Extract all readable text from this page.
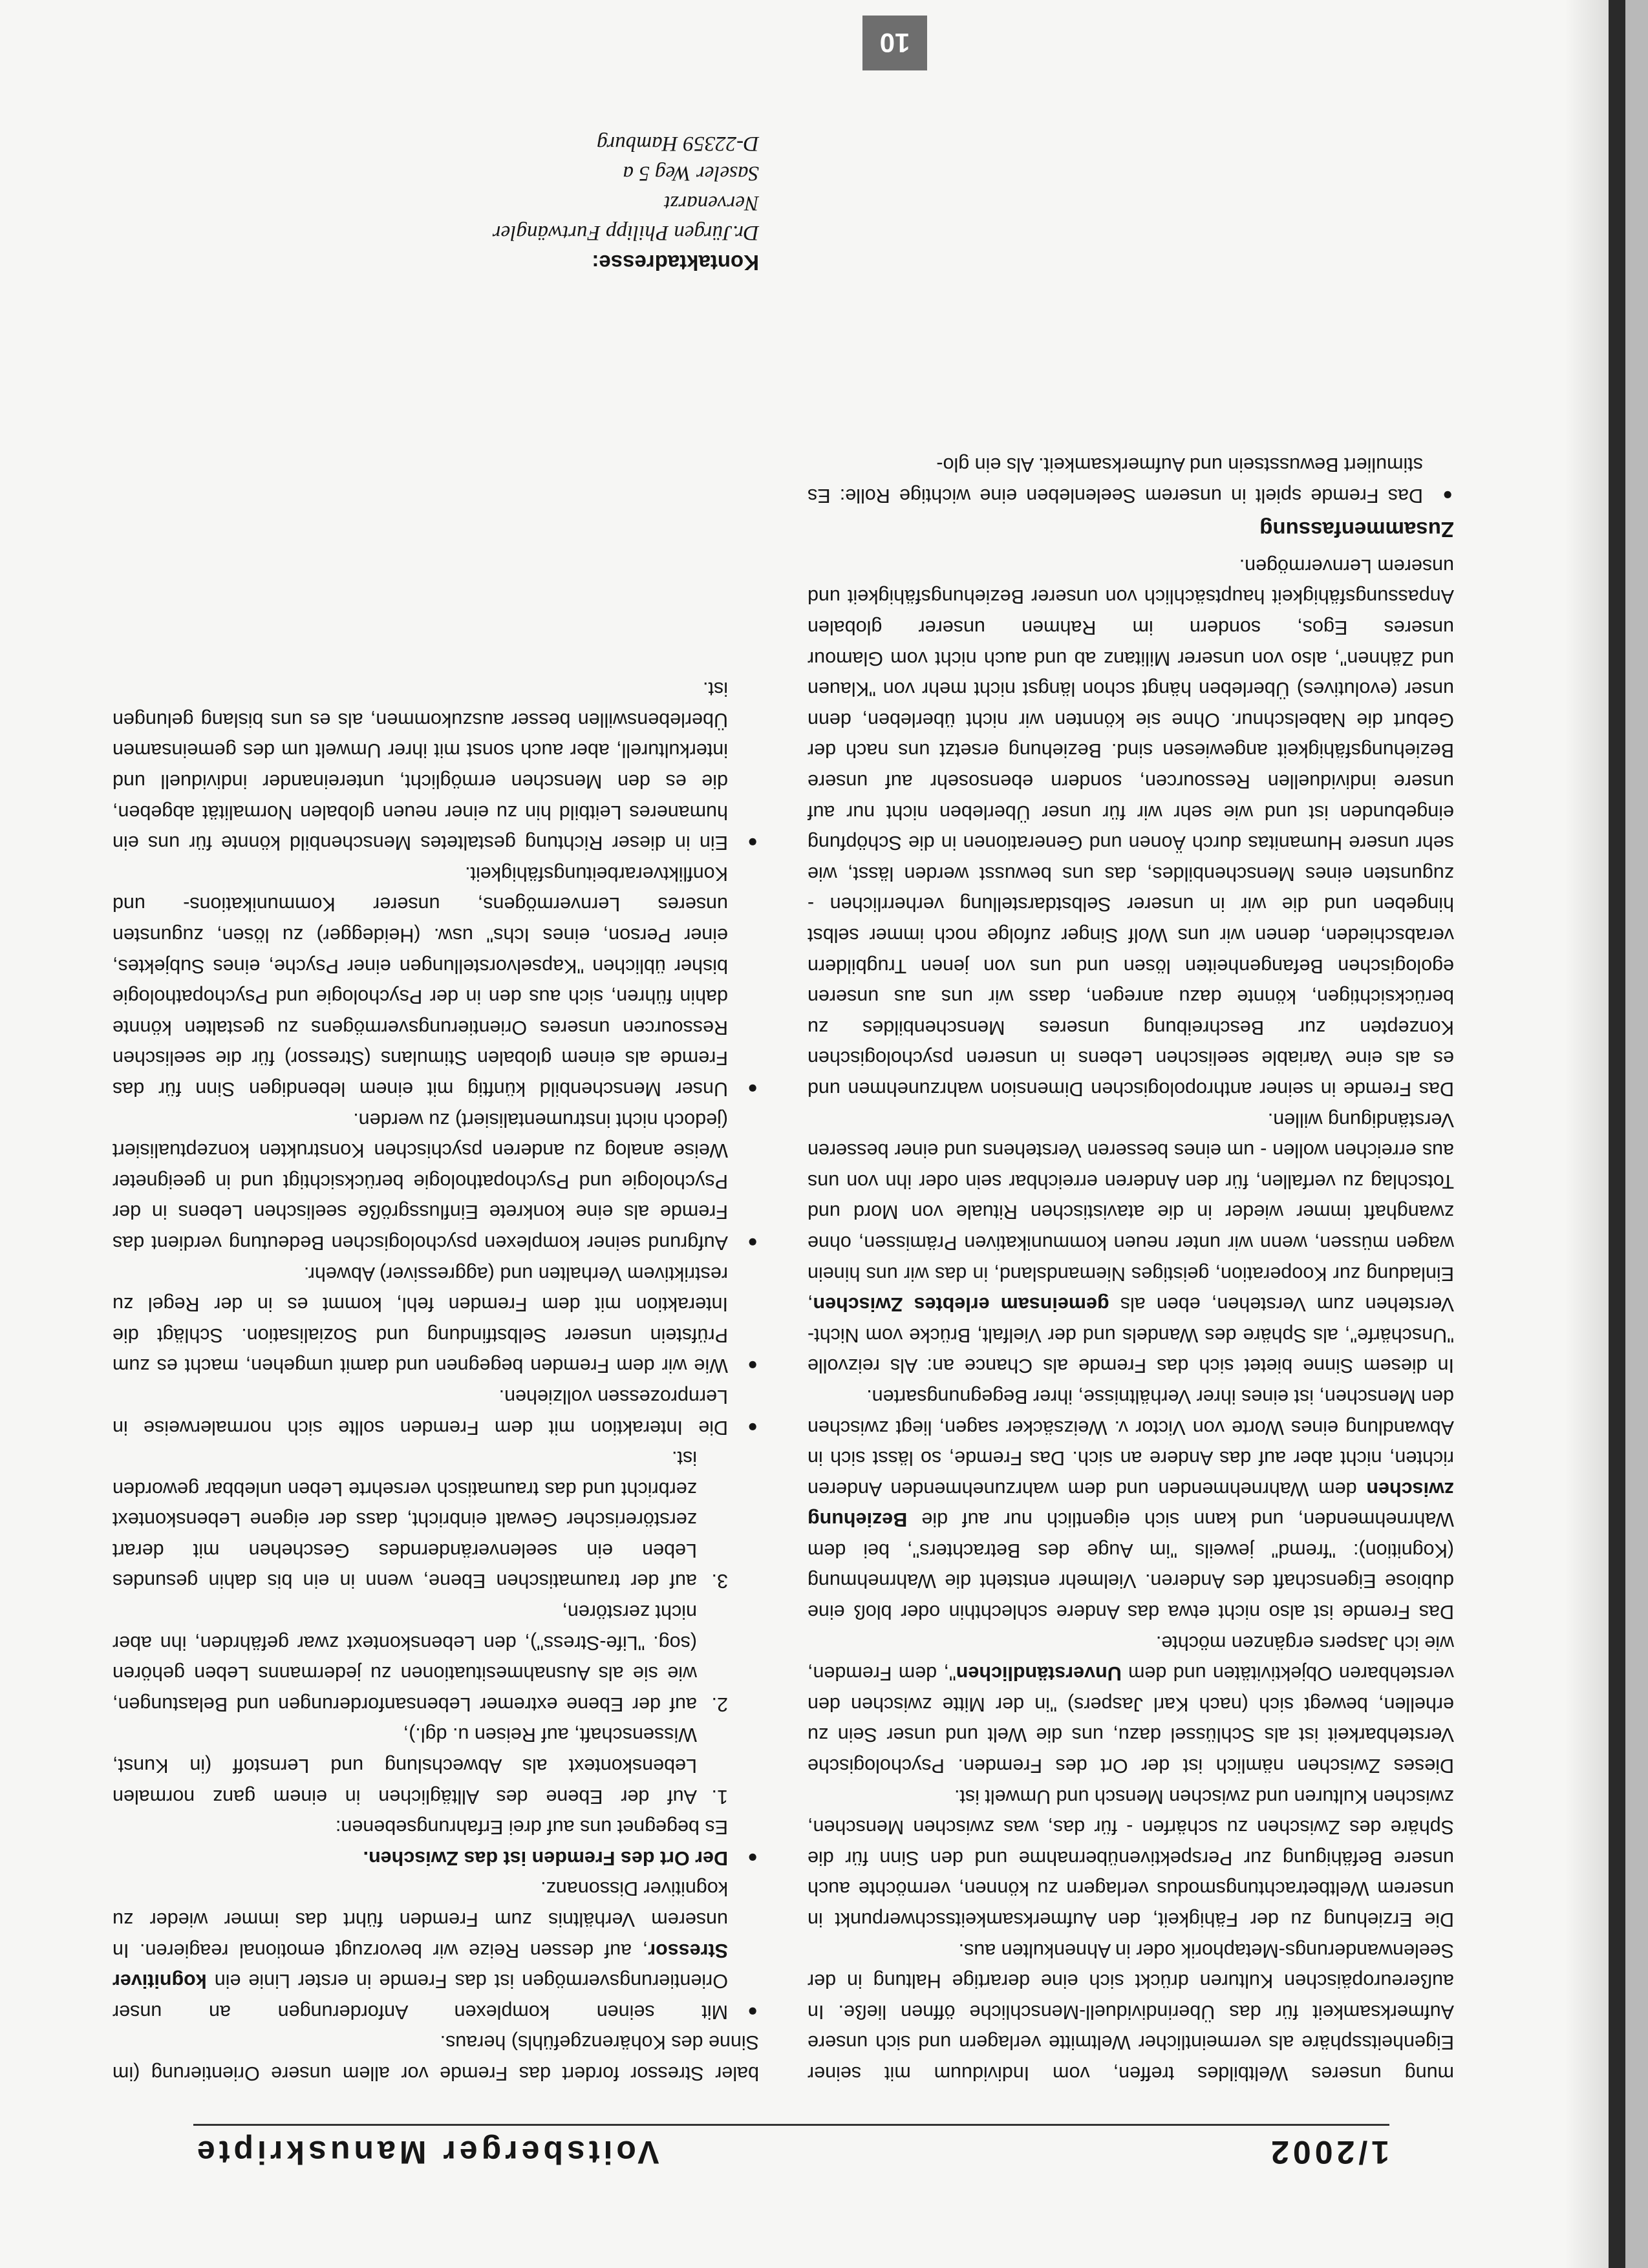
1/2002
Voitsberger Manuskripte

mung unseres Weltbildes treffen, vom Individuum mit seiner Eigenheitssphäre als vermeintlicher Weltmitte verlagern und sich unsere Aufmerksamkeit für das Überindividuell-Menschliche öffnen ließe. In außereuropäischen Kulturen drückt sich eine derartige Haltung in der Seelenwanderungs-Metaphorik oder in Ahnenkulten aus.

Die Erziehung zu der Fähigkeit, den Aufmerksamkeitsschwerpunkt in unserem Weltbetrachtungsmodus verlagern zu können, vermöchte auch unsere Befähigung zur Perspektivenübernahme und den Sinn für die Sphäre des Zwischen zu schärfen - für das, was zwischen Menschen, zwischen Kulturen und zwischen Mensch und Umwelt ist.

Dieses Zwischen nämlich ist der Ort des Fremden. Psychologische Verstehbarkeit ist als Schlüssel dazu, uns die Welt und unser Sein zu erhellen, bewegt sich (nach Karl Jaspers) "in der Mitte zwischen den verstehbaren Objektivitäten und dem Unverständlichen", dem Fremden, wie ich Jaspers ergänzen möchte.

Das Fremde ist also nicht etwa das Andere schlechthin oder bloß eine dubiose Eigenschaft des Anderen. Vielmehr entsteht die Wahrnehmung (Kognition): "fremd" jeweils "im Auge des Betrachters", bei dem Wahrnehmenden, und kann sich eigentlich nur auf die Beziehung zwischen dem Wahrnehmenden und dem wahrzunehmenden Anderen richten, nicht aber auf das Andere an sich. Das Fremde, so lässt sich in Abwandlung eines Worte von Victor v. Weizsäcker sagen, liegt zwischen den Menschen, ist eines ihrer Verhältnisse, ihrer Begegnungsarten.

In diesem Sinne bietet sich das Fremde als Chance an: Als reizvolle "Unschärfe", als Sphäre des Wandels und der Vielfalt, Brücke vom Nicht-Verstehen zum Verstehen, eben als gemeinsam erlebtes Zwischen, Einladung zur Kooperation, geistiges Niemandsland, in das wir uns hinein wagen müssen, wenn wir unter neuen kommunikativen Prämissen, ohne zwanghaft immer wieder in die atavistischen Rituale von Mord und Totschlag zu verfallen, für den Anderen erreichbar sein oder ihn von uns aus erreichen wollen - um eines besseren Verstehens und einer besseren Verständigung willen.

Das Fremde in seiner anthropologischen Dimension wahrzunehmen und es als eine Variable seelischen Lebens in unseren psychologischen Konzepten zur Beschreibung unseres Menschenbildes zu berücksichtigen, könnte dazu anregen, dass wir uns aus unseren egologischen Befangenheiten lösen und uns von jenen Trugbildern verabschieden, denen wir uns Wolf Singer zufolge noch immer selbst hingeben und die wir in unserer Selbstdarstellung verherrlichen - zugunsten eines Menschenbildes, das uns bewusst werden lässt, wie sehr unsere Humanitas durch Äonen und Generationen in die Schöpfung eingebunden ist und wie sehr wir für unser Überleben nicht nur auf unsere individuellen Ressourcen, sondern ebensosehr auf unsere Beziehungsfähigkeit angewiesen sind. Beziehung ersetzt uns nach der Geburt die Nabelschnur. Ohne sie könnten wir nicht überleben, denn unser (evolutives) Überleben hängt schon längst nicht mehr von "Klauen und Zähnen", also von unserer Militanz ab und auch nicht vom Glamour unseres Egos, sondern im Rahmen unserer globalen Anpassungsfähigkeit hauptsächlich von unserer Beziehungsfähigkeit und unserem Lernvermögen.

Zusammenfassung
● Das Fremde spielt in unserem Seelenleben eine wichtige Rolle: Es stimuliert Bewusstsein und Aufmerksamkeit. Als ein glo-

baler Stressor fordert das Fremde vor allem unsere Orientierung (im Sinne des Kohärenzgefühls) heraus.

● Mit seinen komplexen Anforderungen an unser Orientierungsvermögen ist das Fremde in erster Linie ein kognitiver Stressor, auf dessen Reize wir bevorzugt emotional reagieren. In unserem Verhältnis zum Fremden führt das immer wieder zu kognitiver Dissonanz.
● Der Ort des Fremden ist das Zwischen.
Es begegnet uns auf drei Erfahrungsebenen:
1.
Auf der Ebene des Alltäglichen in einem ganz normalen Lebenskontext als Abwechslung und Lernstoff (in Kunst, Wissenschaft, auf Reisen u. dgl.),
2.
auf der Ebene extremer Lebensanforderungen und Belastungen, wie sie als Ausnahmesituationen zu jedermanns Leben gehören (sog. "Life-Stress"), den Lebenskontext zwar gefährden, ihn aber nicht zerstören,
3.
auf der traumatischen Ebene, wenn in ein bis dahin gesundes Leben ein seelenveränderndes Geschehen mit derart zerstörerischer Gewalt einbricht, dass der eigene Lebenskontext zerbricht und das traumatisch versehrte Leben unlebbar geworden ist.
● Die Interaktion mit dem Fremden sollte sich normalerweise in Lernprozessen vollziehen.
● Wie wir dem Fremden begegnen und damit umgehen, macht es zum Prüfstein unserer Selbstfindung und Sozialisation. Schlägt die Interaktion mit dem Fremden fehl, kommt es in der Regel zu restriktivem Verhalten und (aggressiver) Abwehr.
● Aufgrund seiner komplexen psychologischen Bedeutung verdient das Fremde als eine konkrete Einflussgröße seelischen Lebens in der Psychologie und Psychopathologie berücksichtigt und in geeigneter Weise analog zu anderen psychischen Konstrukten konzeptualisiert (jedoch nicht instrumentalisiert) zu werden.
● Unser Menschenbild künftig mit einem lebendigen Sinn für das Fremde als einem globalen Stimulans (Stressor) für die seelischen Ressourcen unseres Orientierungsvermögens zu gestalten könnte dahin führen, sich aus den in der Psychologie und Psychopathologie bisher üblichen "Kapselvorstellungen einer Psyche, eines Subjektes, einer Person, eines Ichs" usw. (Heidegger) zu lösen, zugunsten unseres Lernvermögens, unserer Kommunikations- und Konfliktverarbeitungsfähigkeit.
● Ein in dieser Richtung gestaltetes Menschenbild könnte für uns ein humaneres Leitbild hin zu einer neuen globalen Normalität abgeben, die es den Menschen ermöglicht, untereinander individuell und interkulturell, aber auch sonst mit ihrer Umwelt um des gemeinsamen Überlebenswillen besser auszukommen, als es uns bislang gelungen ist.
Kontaktadresse:
Dr.Jürgen Philipp Furtwängler
Nervenarzt
Saseler Weg 5 a
D-22359 Hamburg
10
